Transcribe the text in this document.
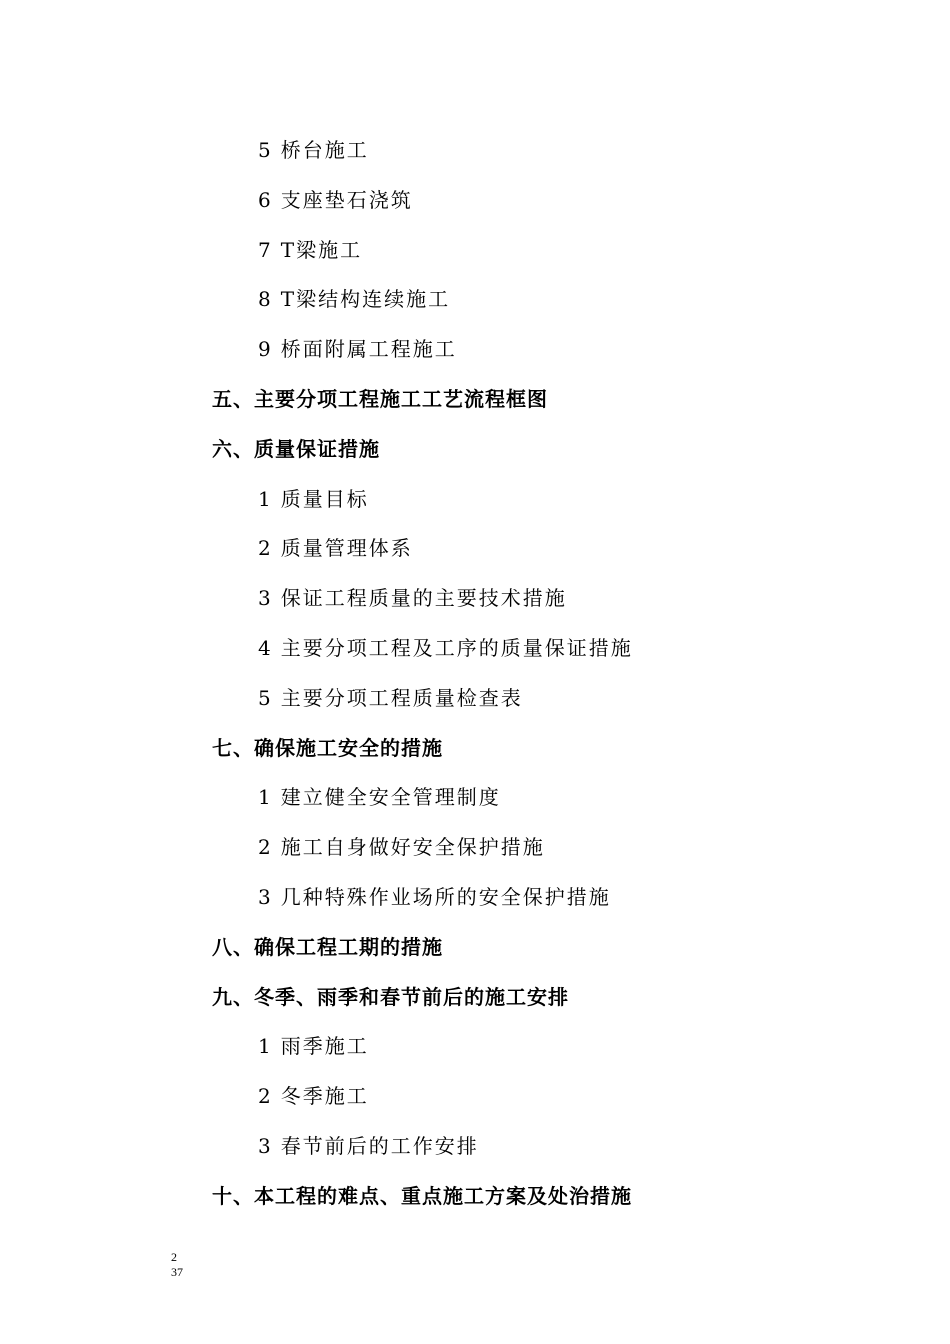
5 桥台施工
6 支座垫石浇筑
7 T梁施工
8 T梁结构连续施工
9 桥面附属工程施工
五、主要分项工程施工工艺流程框图
六、质量保证措施
1 质量目标
2 质量管理体系
3 保证工程质量的主要技术措施
4 主要分项工程及工序的质量保证措施
5 主要分项工程质量检查表
七、确保施工安全的措施
1 建立健全安全管理制度
2 施工自身做好安全保护措施
3 几种特殊作业场所的安全保护措施
八、确保工程工期的措施
九、冬季、雨季和春节前后的施工安排
1 雨季施工
2 冬季施工
3 春节前后的工作安排
十、本工程的难点、重点施工方案及处治措施
2
37
